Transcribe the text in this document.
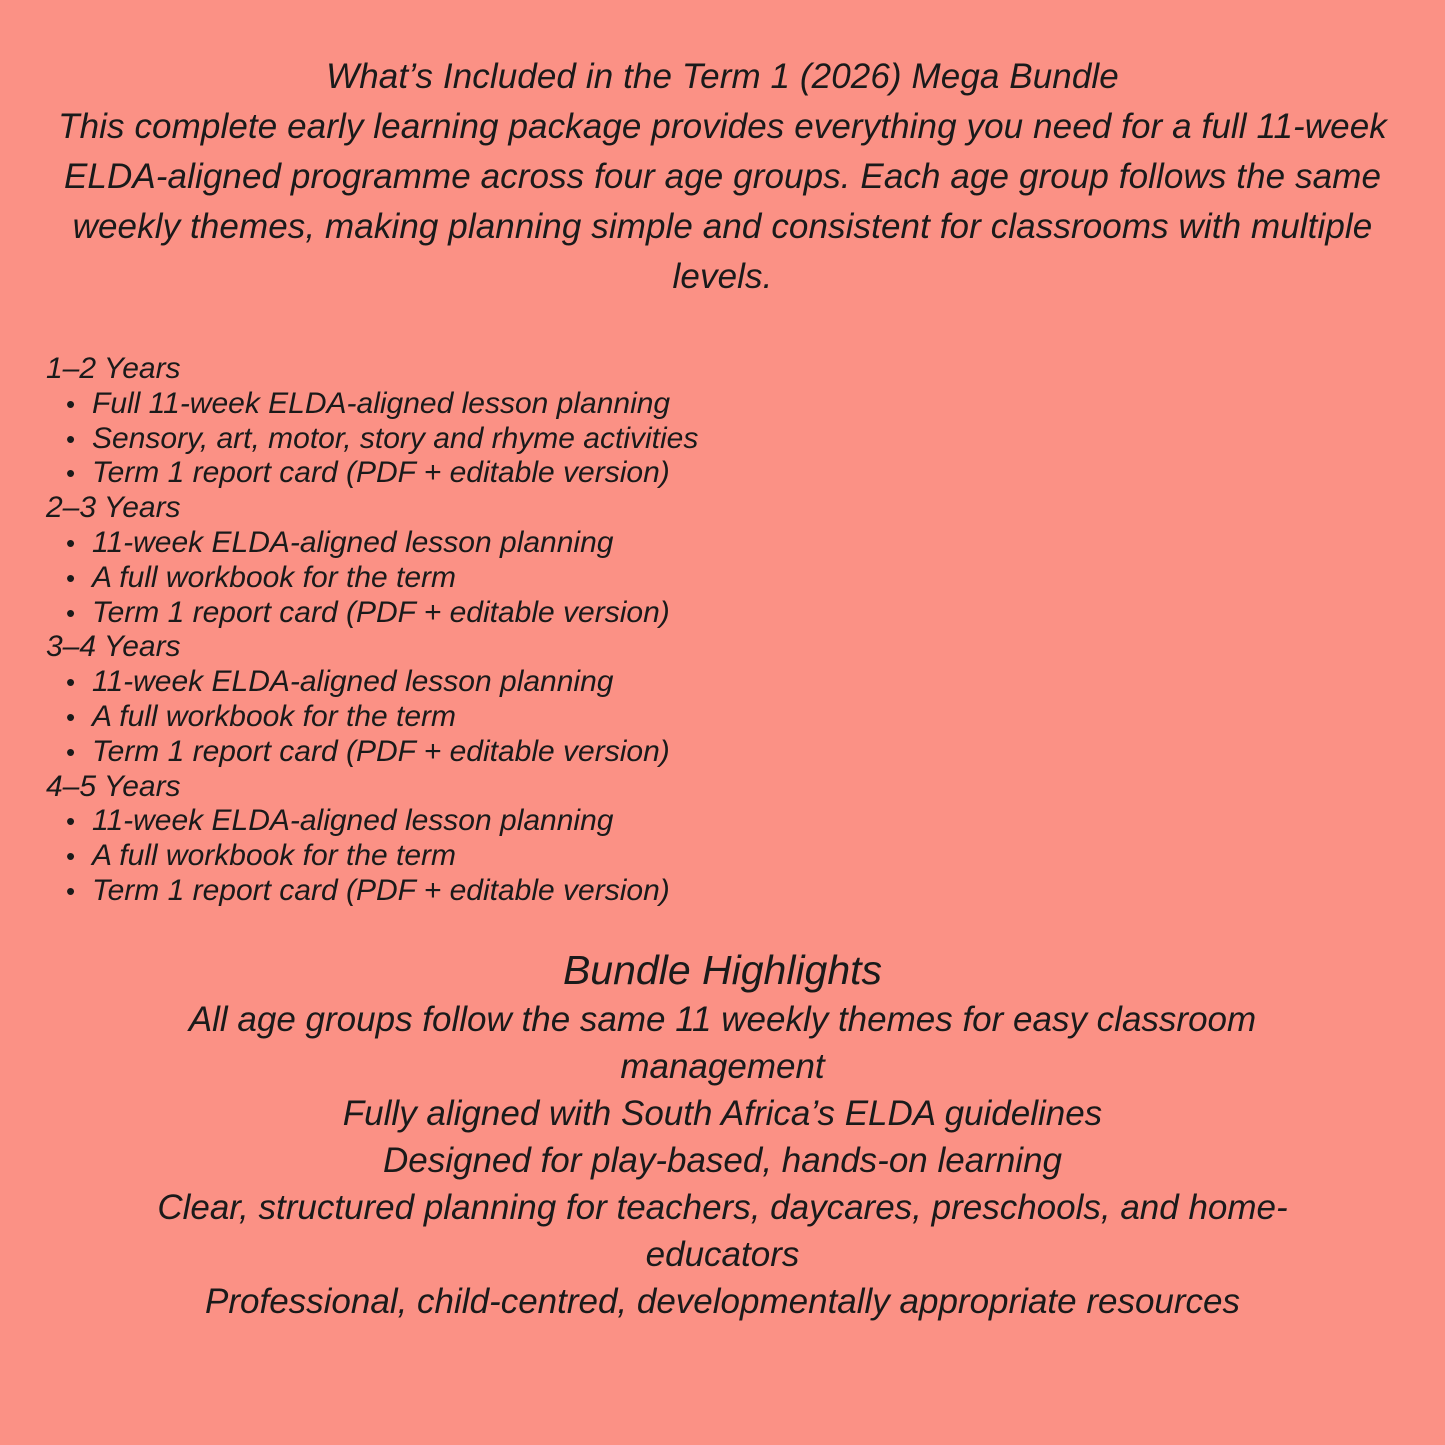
What’s Included in the Term 1 (2026) Mega Bundle
This complete early learning package provides everything you need for a full 11-week ELDA-aligned programme across four age groups. Each age group follows the same weekly themes, making planning simple and consistent for classrooms with multiple levels.
1–2 Years
• Full 11-week ELDA-aligned lesson planning
• Sensory, art, motor, story and rhyme activities
• Term 1 report card (PDF + editable version)
2–3 Years
• 11-week ELDA-aligned lesson planning
• A full workbook for the term
• Term 1 report card (PDF + editable version)
3–4 Years
• 11-week ELDA-aligned lesson planning
• A full workbook for the term
• Term 1 report card (PDF + editable version)
4–5 Years
• 11-week ELDA-aligned lesson planning
• A full workbook for the term
• Term 1 report card (PDF + editable version)
Bundle Highlights
All age groups follow the same 11 weekly themes for easy classroom management
Fully aligned with South Africa’s ELDA guidelines
Designed for play-based, hands-on learning
Clear, structured planning for teachers, daycares, preschools, and home-educators
Professional, child-centred, developmentally appropriate resources
